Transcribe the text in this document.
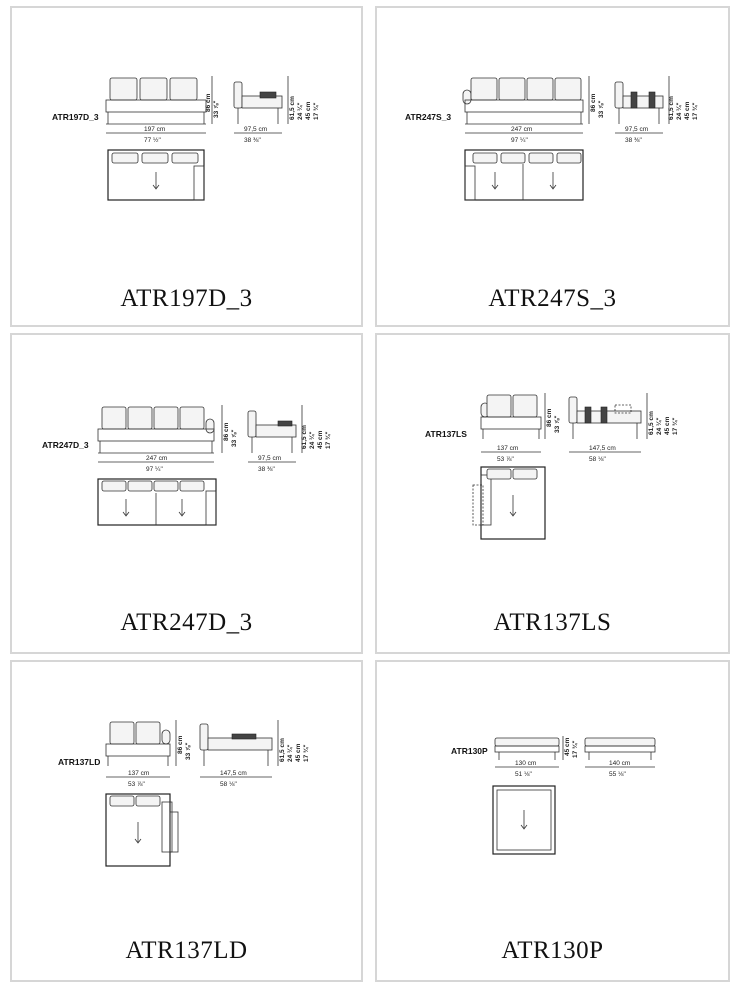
ATR197D_3
86 cm 33 ⅞"	61,5 cm 24 ¼" 45 cm 17 ¾"
197 cm
77 ½"
97,5 cm
38 ⅜"
ATR197D_3
ATR247S_3
86 cm 33 ⅞"	61,5 cm 24 ¼" 45 cm 17 ¾"
247 cm
97 ¼"
97,5 cm
38 ⅜"
ATR247S_3
ATR247D_3
86 cm 33 ⅞"	61,5 cm 24 ¼" 45 cm 17 ¾"
247 cm
97 ¼"
97,5 cm
38 ⅜"
ATR247D_3
ATR137LS
86 cm 33 ⅞"	61,5 cm 24 ¼" 45 cm 17 ¾"
137 cm
53 ⅞"
147,5 cm
58 ⅛"
ATR137LS
ATR137LD
86 cm 33 ⅞"	61,5 cm 24 ¼" 45 cm 17 ¾"
137 cm
53 ⅞"
147,5 cm
58 ⅛"
ATR137LD
ATR130P	45 cm 17 ¾"
130 cm
51 ⅛"
140 cm
55 ⅛"
ATR130P
